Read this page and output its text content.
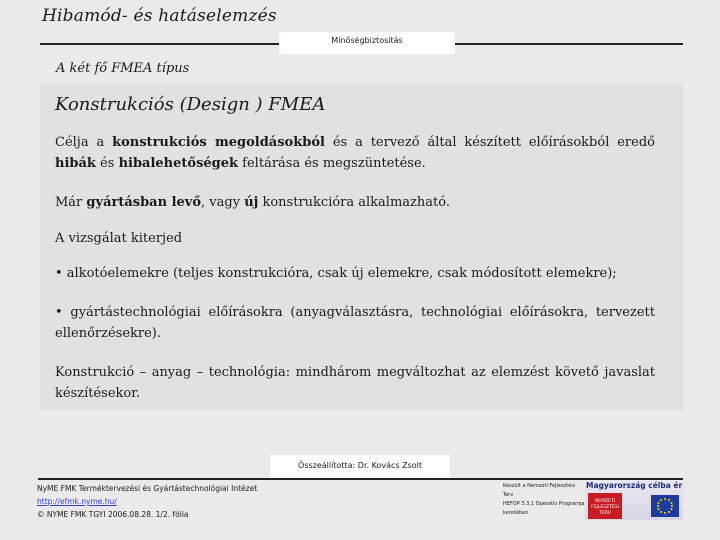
Hibamód- és hatáselemzés
Minőségbiztosítás
A két fő FMEA típus
Konstrukciós (Design ) FMEA
Célja a konstrukciós megoldásokból és a tervező által készített előírásokból eredő hibák és hibalehetőségek feltárása és megszüntetése.
Már gyártásban levő, vagy új konstrukcióra alkalmazható.
A vizsgálat kiterjed
• alkotóelemekre (teljes konstrukcióra, csak új elemekre, csak módosított elemekre);
• gyártástechnológiai előírásokra (anyagválasztásra, technológiai előírásokra, tervezett ellenőrzésekre).
Konstrukció – anyag – technológia: mindhárom megváltozhat az elemzést követő javaslat készítésekor.
Összeállította: Dr. Kovács Zsolt
NyME FMK Terméktervezési és Gyártástechnológiai Intézet
http://efmk.nyme.hu/
© NYME FMK TGYI 2006.08.28. 1/2. fólia
Készült a Nemzeti Fejlesztési Terv
HEFOP 3.3.1 Operatív Programja
keretében
Magyarország célba ér
NEMZETI FEJLESZTÉSI TERV
